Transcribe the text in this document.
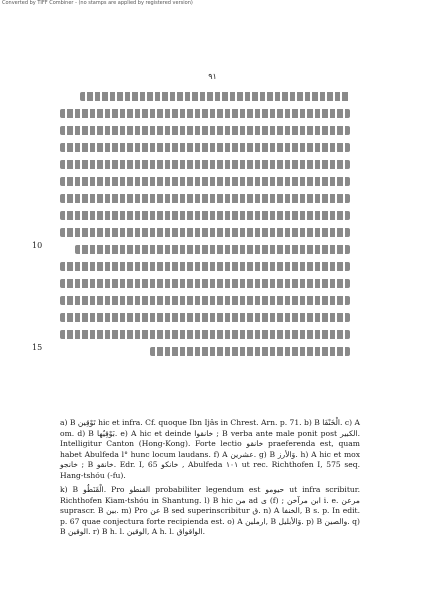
Converted by TIFF Combiner - (no stamps are applied by registered version)
٩١
10
15

a) B تَوْقِين hic et infra. Cf. quoque Ibn Ijâs in Chrest. Arn. p. 71. b) B الْخَنْفَا. c) A om. d) B بَوْقِيُها. e) A hic et deinde خانقوا ; B verba ante male ponit post الكبير. Intelligitur Canton (Hong-Kong). Forte lectio خانقو praeferenda est, quam habet Abulfeda l° hunc locum laudans. f) A عشرين. g) B وَالأرز. h) A hic et mox خانجو ; B خانقو. Edr. I, 65 خانكو , Abulfeda ١٠١ ut rec. Richthofen I, 575 seq. Hang-tshóu (-fu).

k) B الْقَنَطُو. Pro القنطو probabiliter legendum est حيومو ut infra scribitur. Richthofen Kiam-tshóu in Shantung. l) B hic من ad ى (f) ; ابن مرآخن i. e. مرعن suprascr. B بين. m) Pro عن B sed superinscribitur ق. n) A الخنفا, B s. p. In edit. p. 67 quae conjectura forte recipienda est. o) A ارملين, B وَالأبليل. p) B والصين. q) B الوقين. r) B h. l. الوقين, A h. l. الواقواق.
